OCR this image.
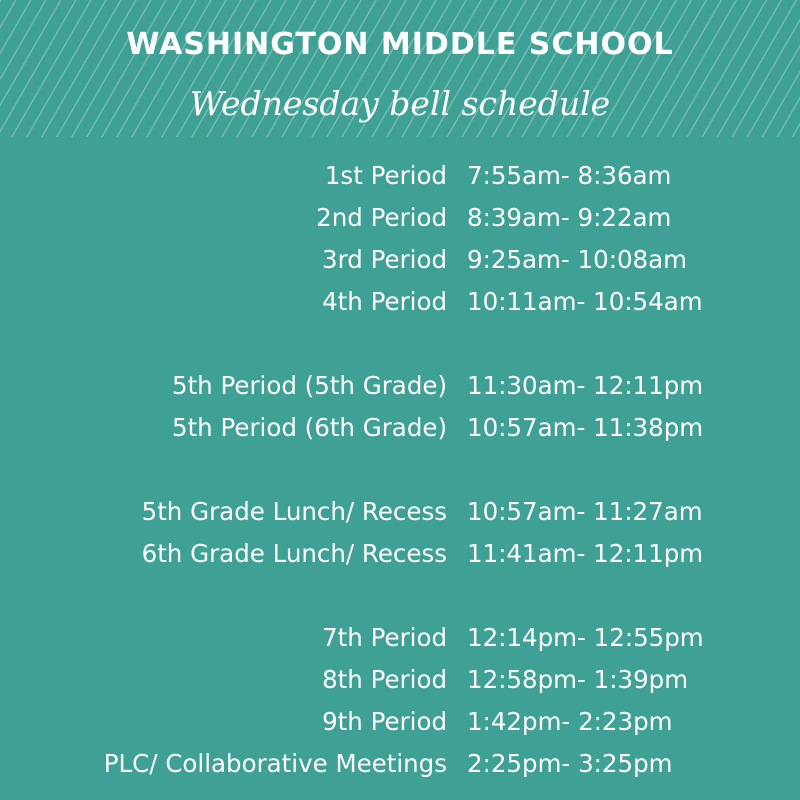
WASHINGTON MIDDLE SCHOOL
Wednesday bell schedule
1st Period 7:55am- 8:36am
2nd Period 8:39am- 9:22am
3rd Period 9:25am- 10:08am
4th Period 10:11am- 10:54am
5th Period (5th Grade) 11:30am- 12:11pm
5th Period (6th Grade) 10:57am- 11:38pm
5th Grade Lunch/ Recess 10:57am- 11:27am
6th Grade Lunch/ Recess 11:41am- 12:11pm
7th Period 12:14pm- 12:55pm
8th Period 12:58pm- 1:39pm
9th Period 1:42pm- 2:23pm
PLC/ Collaborative Meetings 2:25pm- 3:25pm
